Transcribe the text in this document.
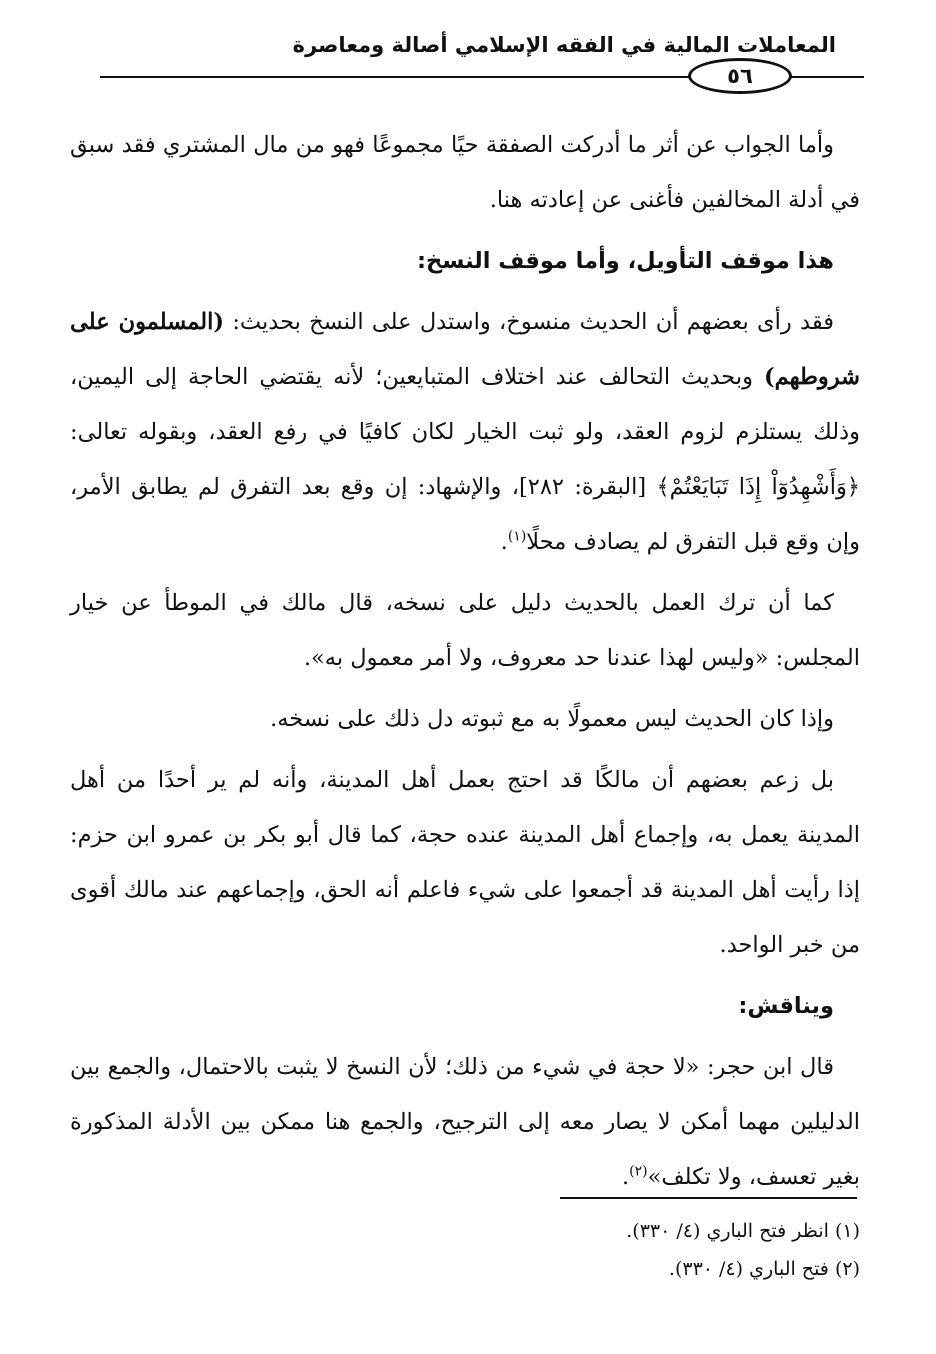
المعاملات المالية في الفقه الإسلامي أصالة ومعاصرة
٥٦

وأما الجواب عن أثر ما أدركت الصفقة حيًا مجموعًا فهو من مال المشتري فقد سبق في أدلة المخالفين فأغنى عن إعادته هنا.

هذا موقف التأويل، وأما موقف النسخ:

فقد رأى بعضهم أن الحديث منسوخ، واستدل على النسخ بحديث: (المسلمون على شروطهم) وبحديث التحالف عند اختلاف المتبايعين؛ لأنه يقتضي الحاجة إلى اليمين، وذلك يستلزم لزوم العقد، ولو ثبت الخيار لكان كافيًا في رفع العقد، وبقوله تعالى: ﴿وَأَشْهِدُوٓاْ إِذَا تَبَايَعْتُمْ﴾ [البقرة: ٢٨٢]، والإشهاد: إن وقع بعد التفرق لم يطابق الأمر، وإن وقع قبل التفرق لم يصادف محلًا$^{(١)}$.

كما أن ترك العمل بالحديث دليل على نسخه، قال مالك في الموطأ عن خيار المجلس: «وليس لهذا عندنا حد معروف، ولا أمر معمول به».

وإذا كان الحديث ليس معمولًا به مع ثبوته دل ذلك على نسخه.

بل زعم بعضهم أن مالكًا قد احتج بعمل أهل المدينة، وأنه لم ير أحدًا من أهل المدينة يعمل به، وإجماع أهل المدينة عنده حجة، كما قال أبو بكر بن عمرو ابن حزم: إذا رأيت أهل المدينة قد أجمعوا على شيء فاعلم أنه الحق، وإجماعهم عند مالك أقوى من خبر الواحد.

ويناقش:

قال ابن حجر: «لا حجة في شيء من ذلك؛ لأن النسخ لا يثبت بالاحتمال، والجمع بين الدليلين مهما أمكن لا يصار معه إلى الترجيح، والجمع هنا ممكن بين الأدلة المذكورة بغير تعسف، ولا تكلف»$^{(٢)}$.

(١) انظر فتح الباري (٤/ ٣٣٠).
(٢) فتح الباري (٤/ ٣٣٠).
